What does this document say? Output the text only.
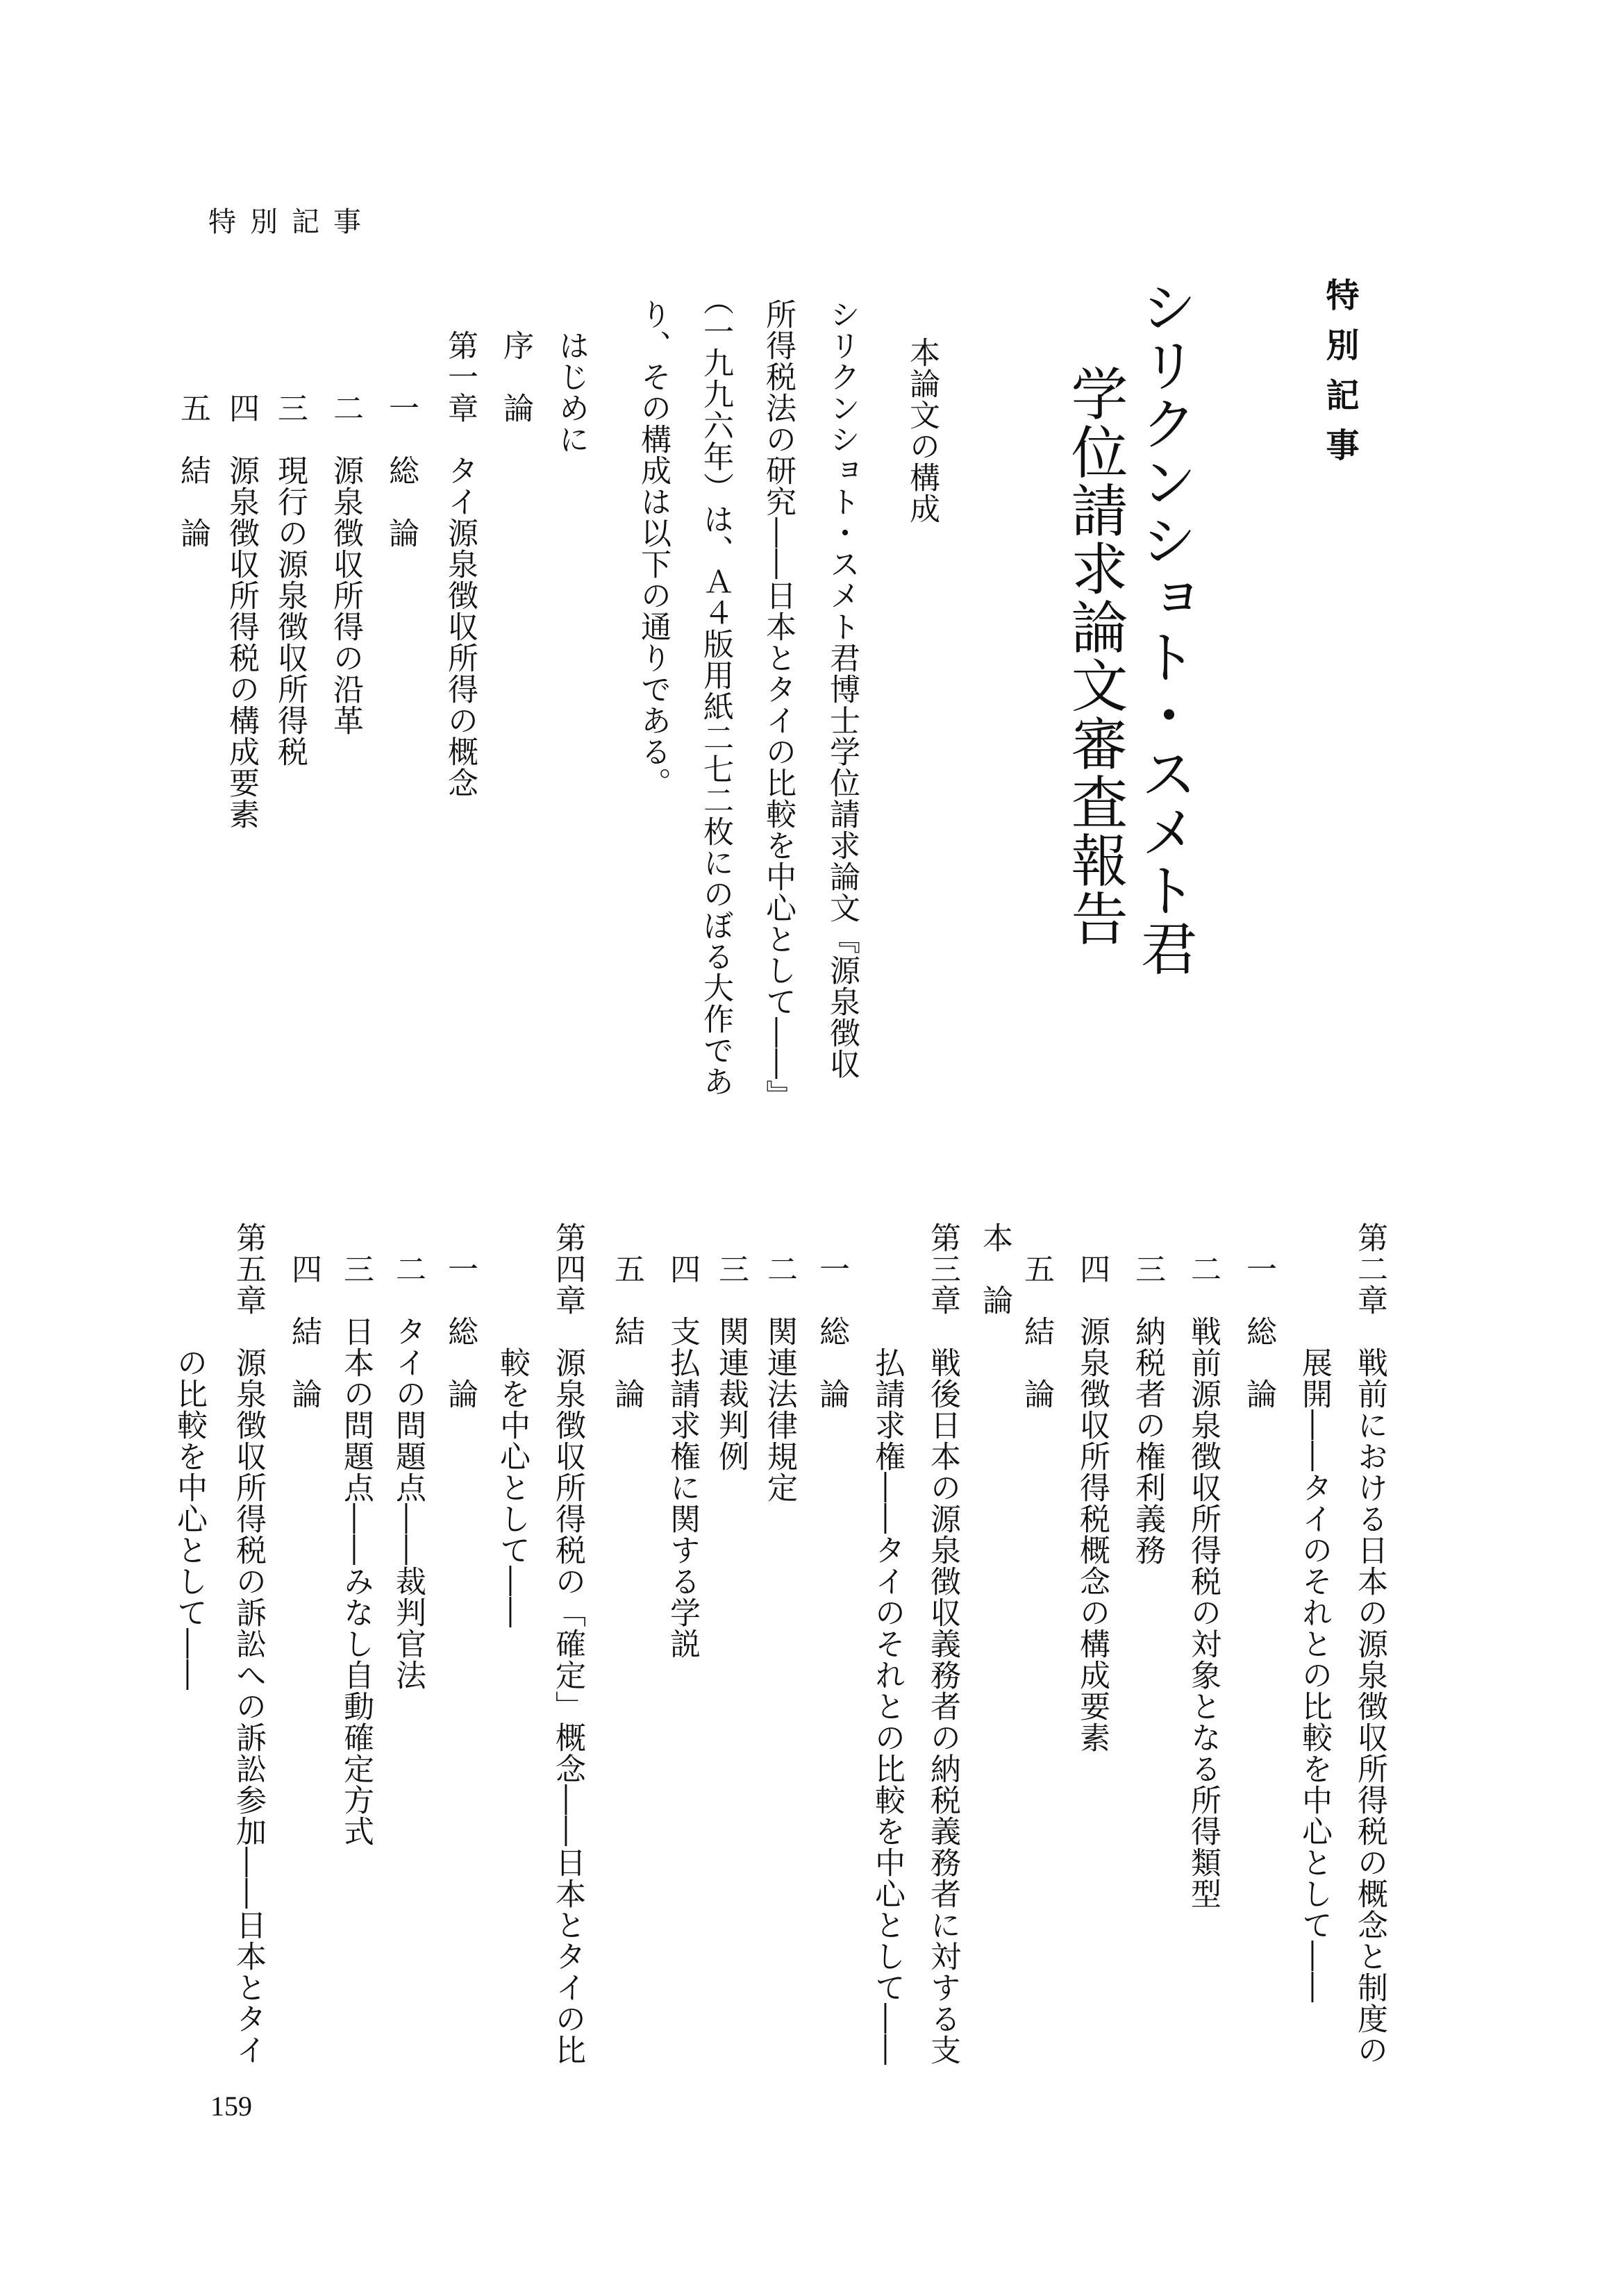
特別記事
特別記事
シリクンショト・スメト君
学位請求論文審査報告
本論文の構成
シリクンショト・スメト君博士学位請求論文『源泉徴収
所得税法の研究――日本とタイの比較を中心として――』
（一九九六年）は、Ａ４版用紙二七二枚にのぼる大作であ
り、その構成は以下の通りである。
はじめに
序　論
第一章　タイ源泉徴収所得の概念
　一　総　論
　二　源泉徴収所得の沿革
　三　現行の源泉徴収所得税
　四　源泉徴収所得税の構成要素
　五　結　論
第二章　戦前における日本の源泉徴収所得税の概念と制度の
　　　　展開――タイのそれとの比較を中心として――
　一　総　論
　二　戦前源泉徴収所得税の対象となる所得類型
　三　納税者の権利義務
　四　源泉徴収所得税概念の構成要素
　五　結　論
本　論
第三章　戦後日本の源泉徴収義務者の納税義務者に対する支
　　　　払請求権――タイのそれとの比較を中心として――
　一　総　論
　二　関連法律規定
　三　関連裁判例
　四　支払請求権に関する学説
　五　結　論
第四章　源泉徴収所得税の「確定」概念――日本とタイの比
　　　　較を中心として――
　一　総　論
　二　タイの問題点――裁判官法
　三　日本の問題点――みなし自動確定方式
　四　結　論
第五章　源泉徴収所得税の訴訟への訴訟参加――日本とタイ
　　　　の比較を中心として――
159
